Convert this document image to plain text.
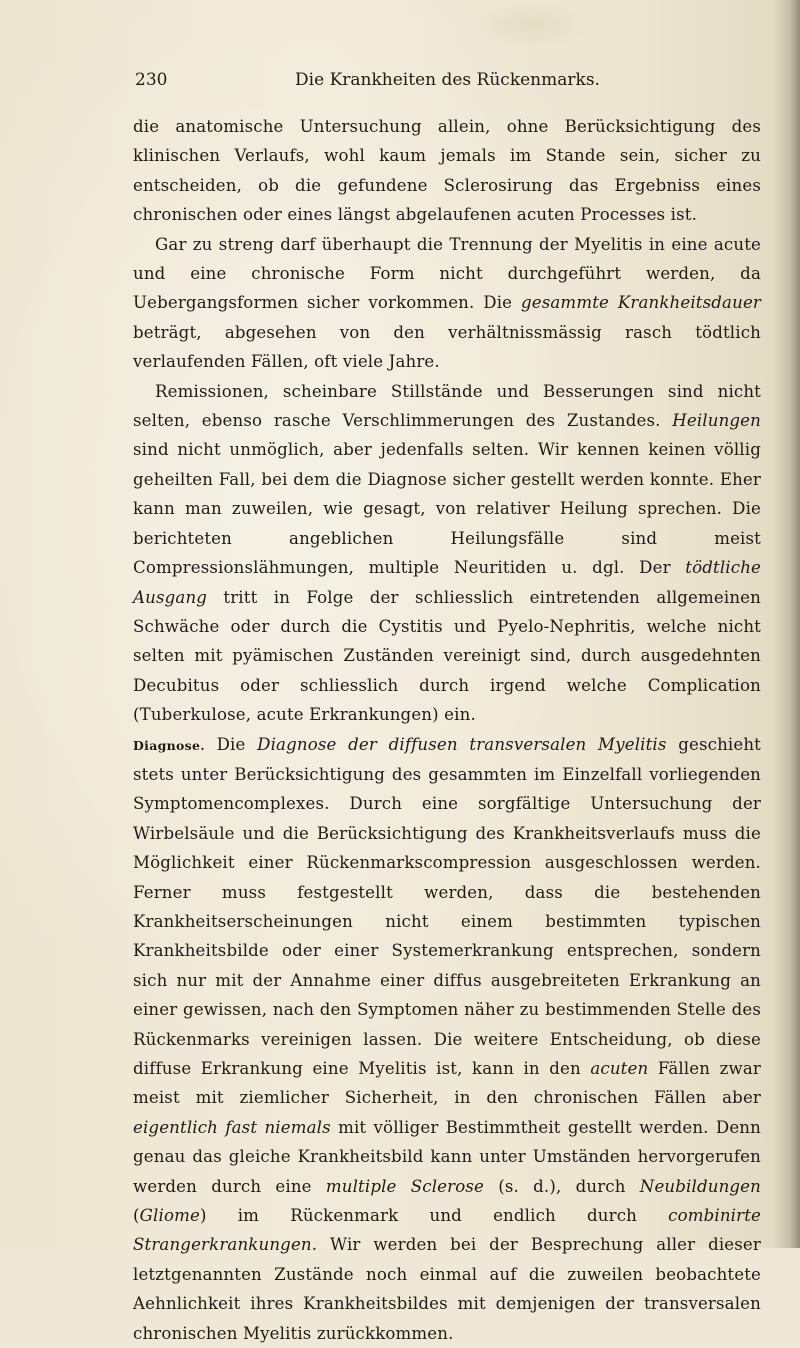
230	Die Krankheiten des Rückenmarks.

die anatomische Untersuchung allein, ohne Berücksichtigung des klinischen Verlaufs, wohl kaum jemals im Stande sein, sicher zu entscheiden, ob die gefundene Sclerosirung das Ergebniss eines chronischen oder eines längst abgelaufenen acuten Processes ist.

Gar zu streng darf überhaupt die Trennung der Myelitis in eine acute und eine chronische Form nicht durchgeführt werden, da Uebergangsformen sicher vorkommen. Die gesammte Krankheitsdauer beträgt, abgesehen von den verhältnissmässig rasch tödtlich verlaufenden Fällen, oft viele Jahre.

Remissionen, scheinbare Stillstände und Besserungen sind nicht selten, ebenso rasche Verschlimmerungen des Zustandes. Heilungen sind nicht unmöglich, aber jedenfalls selten. Wir kennen keinen völlig geheilten Fall, bei dem die Diagnose sicher gestellt werden konnte. Eher kann man zuweilen, wie gesagt, von relativer Heilung sprechen. Die berichteten angeblichen Heilungsfälle sind meist Compressionslähmungen, multiple Neuritiden u. dgl. Der tödtliche Ausgang tritt in Folge der schliesslich eintretenden allgemeinen Schwäche oder durch die Cystitis und Pyelo-Nephritis, welche nicht selten mit pyämischen Zuständen vereinigt sind, durch ausgedehnten Decubitus oder schliesslich durch irgend welche Complication (Tuberkulose, acute Erkrankungen) ein.

Diagnose. Die Diagnose der diffusen transversalen Myelitis geschieht stets unter Berücksichtigung des gesammten im Einzelfall vorliegenden Symptomencomplexes. Durch eine sorgfältige Untersuchung der Wirbelsäule und die Berücksichtigung des Krankheitsverlaufs muss die Möglichkeit einer Rückenmarkscompression ausgeschlossen werden. Ferner muss festgestellt werden, dass die bestehenden Krankheitserscheinungen nicht einem bestimmten typischen Krankheitsbilde oder einer Systemerkrankung entsprechen, sondern sich nur mit der Annahme einer diffus ausgebreiteten Erkrankung an einer gewissen, nach den Symptomen näher zu bestimmenden Stelle des Rückenmarks vereinigen lassen. Die weitere Entscheidung, ob diese diffuse Erkrankung eine Myelitis ist, kann in den acuten Fällen zwar meist mit ziemlicher Sicherheit, in den chronischen Fällen aber eigentlich fast niemals mit völliger Bestimmtheit gestellt werden. Denn genau das gleiche Krankheitsbild kann unter Umständen hervorgerufen werden durch eine multiple Sclerose (s. d.), durch Neubildungen (Gliome) im Rückenmark und endlich durch combinirte Strangerkrankungen. Wir werden bei der Besprechung aller dieser letztgenannten Zustände noch einmal auf die zuweilen beobachtete Aehnlichkeit ihres Krankheitsbildes mit demjenigen der transversalen chronischen Myelitis zurückkommen.
